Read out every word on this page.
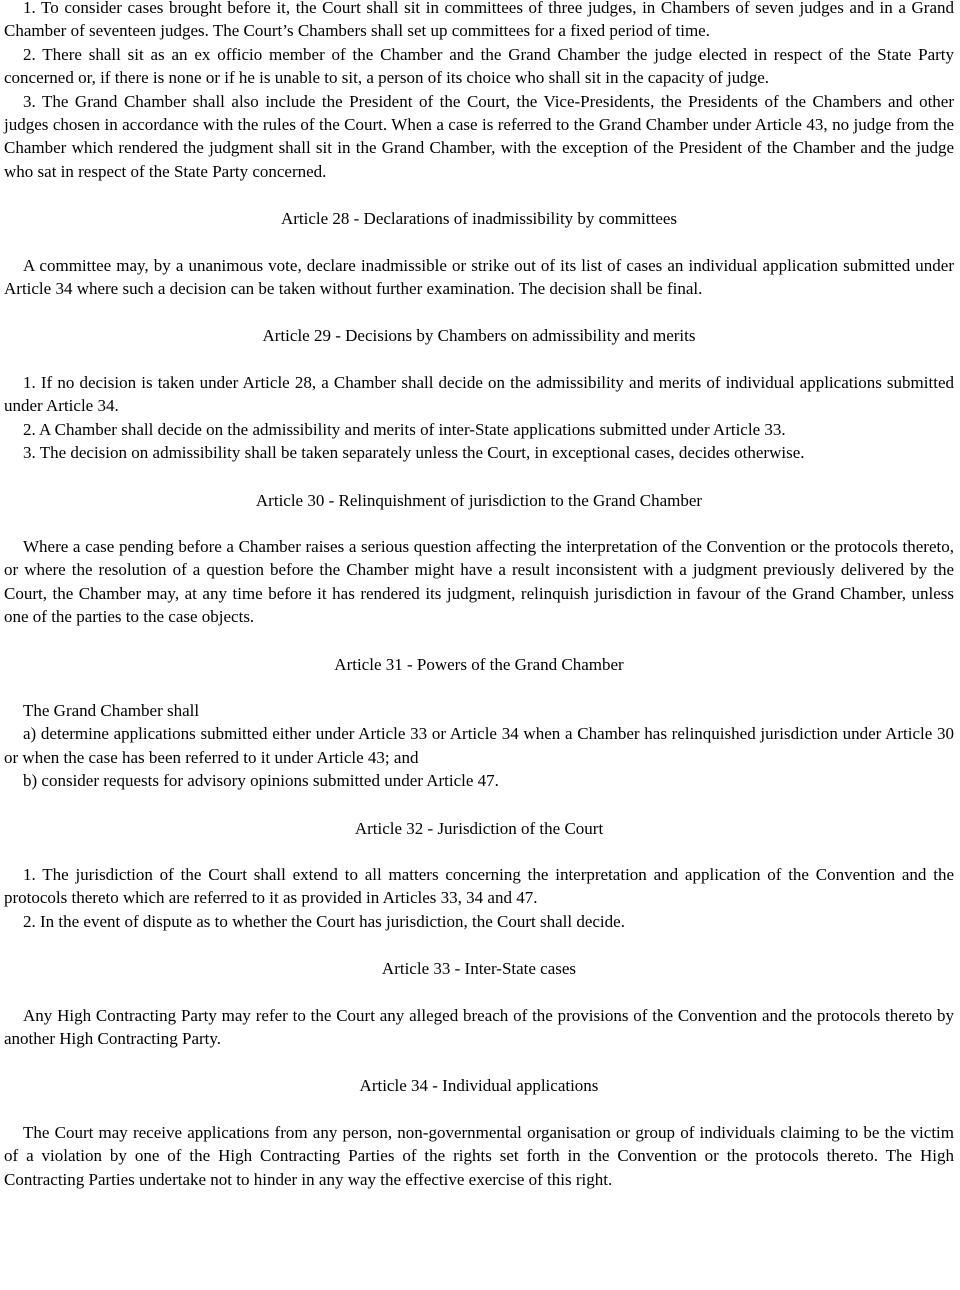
1. To consider cases brought before it, the Court shall sit in committees of three judges, in Chambers of seven judges and in a Grand Chamber of seventeen judges. The Court’s Chambers shall set up committees for a fixed period of time.

2. There shall sit as an ex officio member of the Chamber and the Grand Chamber the judge elected in respect of the State Party concerned or, if there is none or if he is unable to sit, a person of its choice who shall sit in the capacity of judge.

3. The Grand Chamber shall also include the President of the Court, the Vice-Presidents, the Presidents of the Chambers and other judges chosen in accordance with the rules of the Court. When a case is referred to the Grand Chamber under Article 43, no judge from the Chamber which rendered the judgment shall sit in the Grand Chamber, with the exception of the President of the Chamber and the judge who sat in respect of the State Party concerned.

Article 28 - Declarations of inadmissibility by committees

A committee may, by a unanimous vote, declare inadmissible or strike out of its list of cases an individual application submitted under Article 34 where such a decision can be taken without further examination. The decision shall be final.

Article 29 - Decisions by Chambers on admissibility and merits

1. If no decision is taken under Article 28, a Chamber shall decide on the admissibility and merits of individual applications submitted under Article 34.

2. A Chamber shall decide on the admissibility and merits of inter-State applications submitted under Article 33.

3. The decision on admissibility shall be taken separately unless the Court, in exceptional cases, decides otherwise.

Article 30 - Relinquishment of jurisdiction to the Grand Chamber

Where a case pending before a Chamber raises a serious question affecting the interpretation of the Convention or the protocols thereto, or where the resolution of a question before the Chamber might have a result inconsistent with a judgment previously delivered by the Court, the Chamber may, at any time before it has rendered its judgment, relinquish jurisdiction in favour of the Grand Chamber, unless one of the parties to the case objects.

Article 31 - Powers of the Grand Chamber

The Grand Chamber shall

a) determine applications submitted either under Article 33 or Article 34 when a Chamber has relinquished jurisdiction under Article 30 or when the case has been referred to it under Article 43; and

b) consider requests for advisory opinions submitted under Article 47.

Article 32 - Jurisdiction of the Court

1. The jurisdiction of the Court shall extend to all matters concerning the interpretation and application of the Convention and the protocols thereto which are referred to it as provided in Articles 33, 34 and 47.

2. In the event of dispute as to whether the Court has jurisdiction, the Court shall decide.

Article 33 - Inter-State cases

Any High Contracting Party may refer to the Court any alleged breach of the provisions of the Convention and the protocols thereto by another High Contracting Party.

Article 34 - Individual applications

The Court may receive applications from any person, non-governmental organisation or group of individuals claiming to be the victim of a violation by one of the High Contracting Parties of the rights set forth in the Convention or the protocols thereto. The High Contracting Parties undertake not to hinder in any way the effective exercise of this right.
